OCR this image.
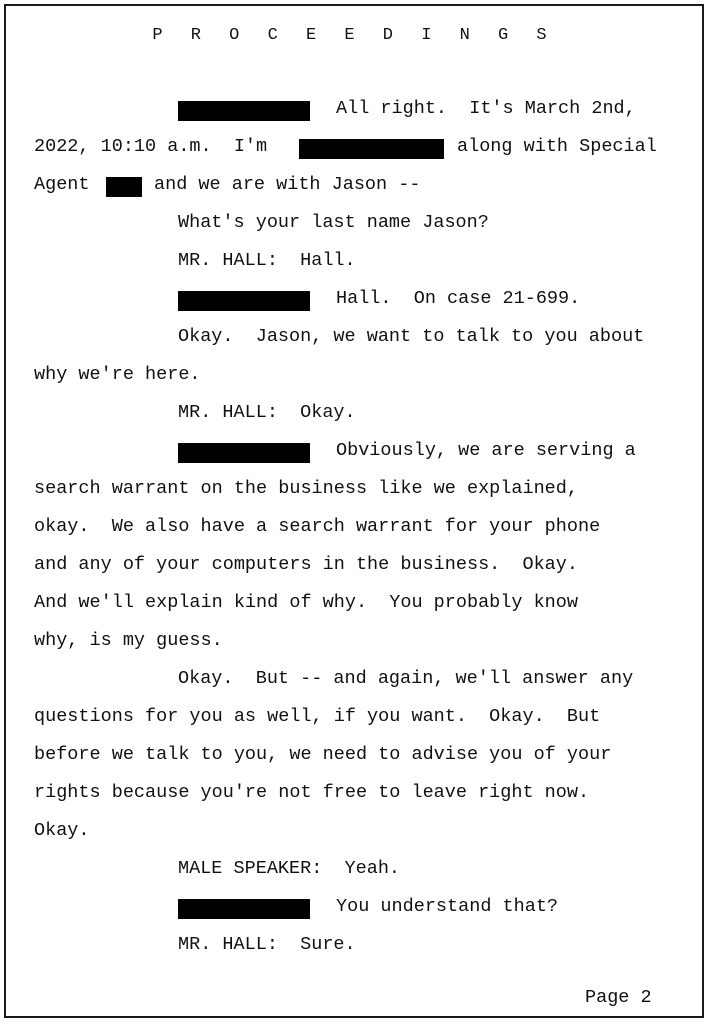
P R O C E E D I N G S
All right.  It's March 2nd,
2022, 10:10 a.m.  I'm	along with Special
Agent	and we are with Jason --
What's your last name Jason?
MR. HALL:  Hall.
Hall.  On case 21-699.
Okay.  Jason, we want to talk to you about
why we're here.
MR. HALL:  Okay.
Obviously, we are serving a
search warrant on the business like we explained,
okay.  We also have a search warrant for your phone
and any of your computers in the business.  Okay.
And we'll explain kind of why.  You probably know
why, is my guess.
Okay.  But -- and again, we'll answer any
questions for you as well, if you want.  Okay.  But
before we talk to you, we need to advise you of your
rights because you're not free to leave right now.
Okay.
MALE SPEAKER:  Yeah.
You understand that?
MR. HALL:  Sure.
Page 2
